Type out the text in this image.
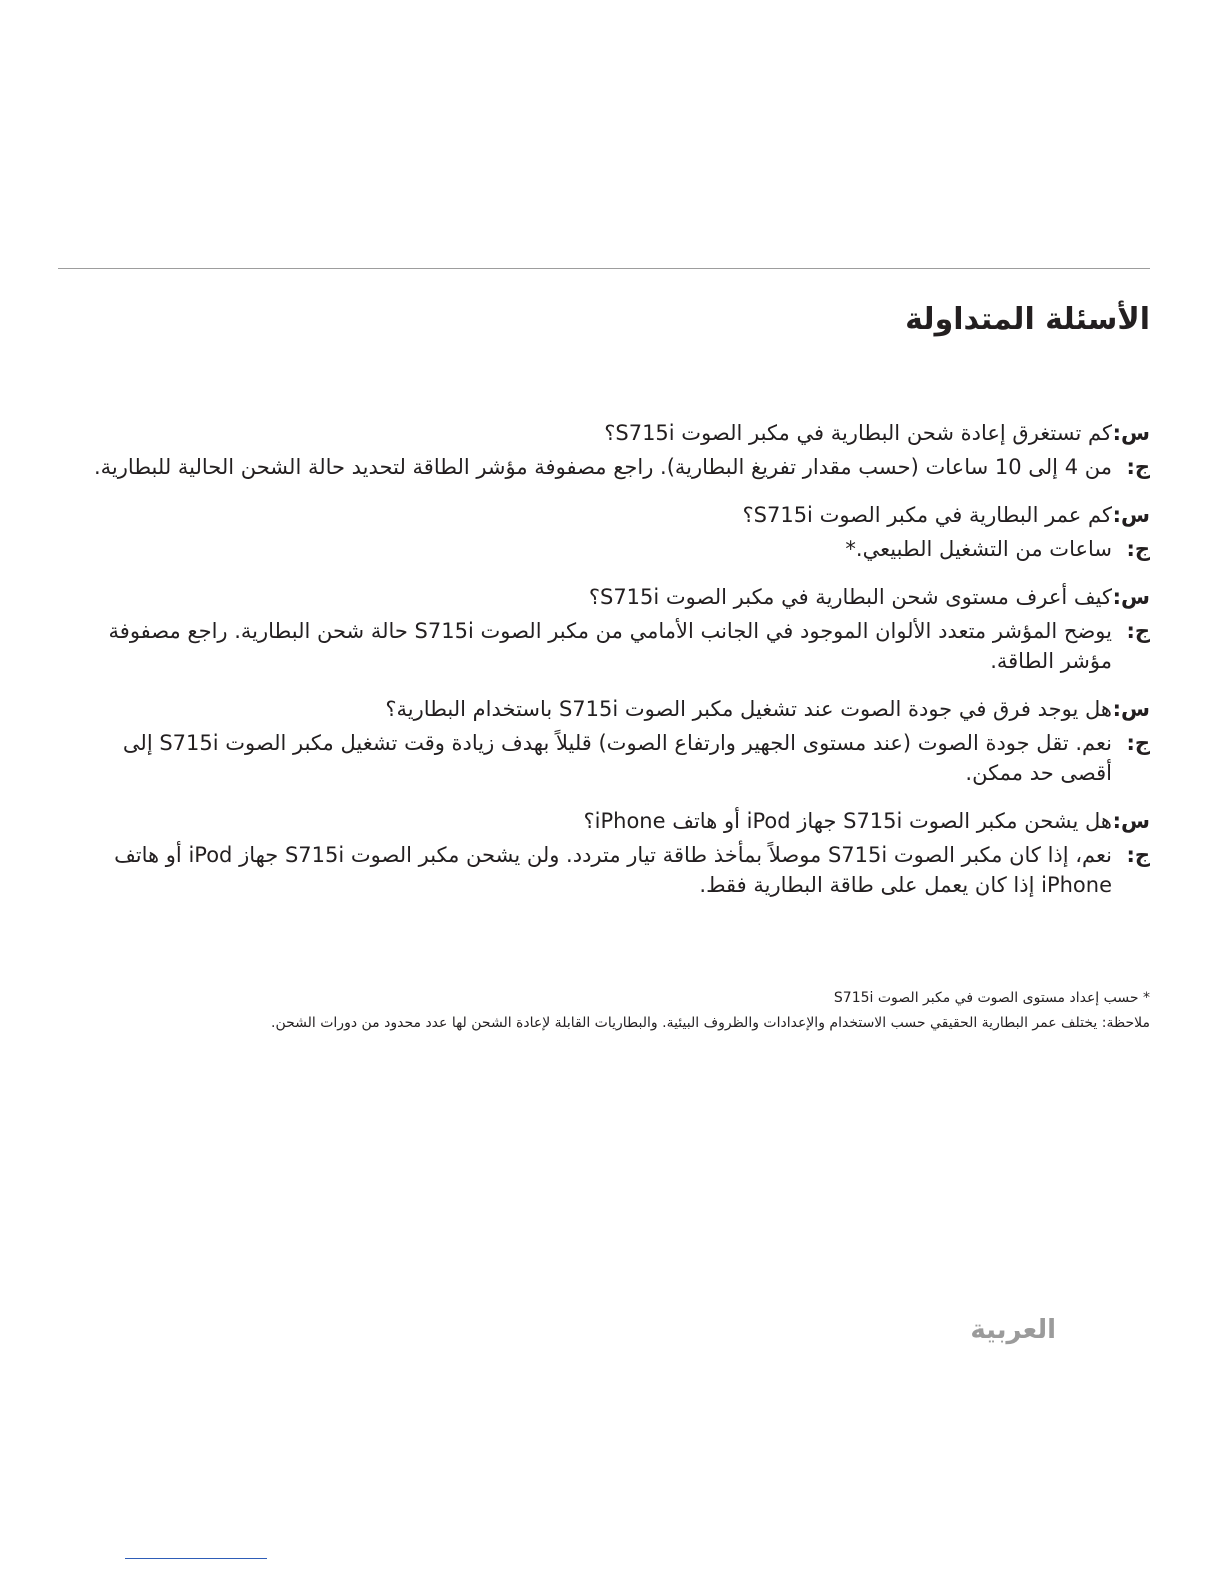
الأسئلة المتداولة
س:
كم تستغرق إعادة شحن البطارية في مكبر الصوت S715i؟
ج:
من 4 إلى 10 ساعات (حسب مقدار تفريغ البطارية). راجع مصفوفة مؤشر الطاقة لتحديد حالة الشحن الحالية للبطارية.
س:
كم عمر البطارية في مكبر الصوت S715i؟
ج:
ساعات من التشغيل الطبيعي.*
س:
كيف أعرف مستوى شحن البطارية في مكبر الصوت S715i؟
ج:
يوضح المؤشر متعدد الألوان الموجود في الجانب الأمامي من مكبر الصوت S715i حالة شحن البطارية. راجع مصفوفة مؤشر الطاقة.
س:
هل يوجد فرق في جودة الصوت عند تشغيل مكبر الصوت S715i باستخدام البطارية؟
ج:
نعم. تقل جودة الصوت (عند مستوى الجهير وارتفاع الصوت) قليلاً بهدف زيادة وقت تشغيل مكبر الصوت S715i إلى أقصى حد ممكن.
س:
هل يشحن مكبر الصوت S715i جهاز iPod أو هاتف iPhone؟
ج:
نعم، إذا كان مكبر الصوت S715i موصلاً بمأخذ طاقة تيار متردد. ولن يشحن مكبر الصوت S715i جهاز iPod أو هاتف iPhone إذا كان يعمل على طاقة البطارية فقط.

* حسب إعداد مستوى الصوت في مكبر الصوت S715i

ملاحظة: يختلف عمر البطارية الحقيقي حسب الاستخدام والإعدادات والظروف البيئية. والبطاريات القابلة لإعادة الشحن لها عدد محدود من دورات الشحن.

العربية
